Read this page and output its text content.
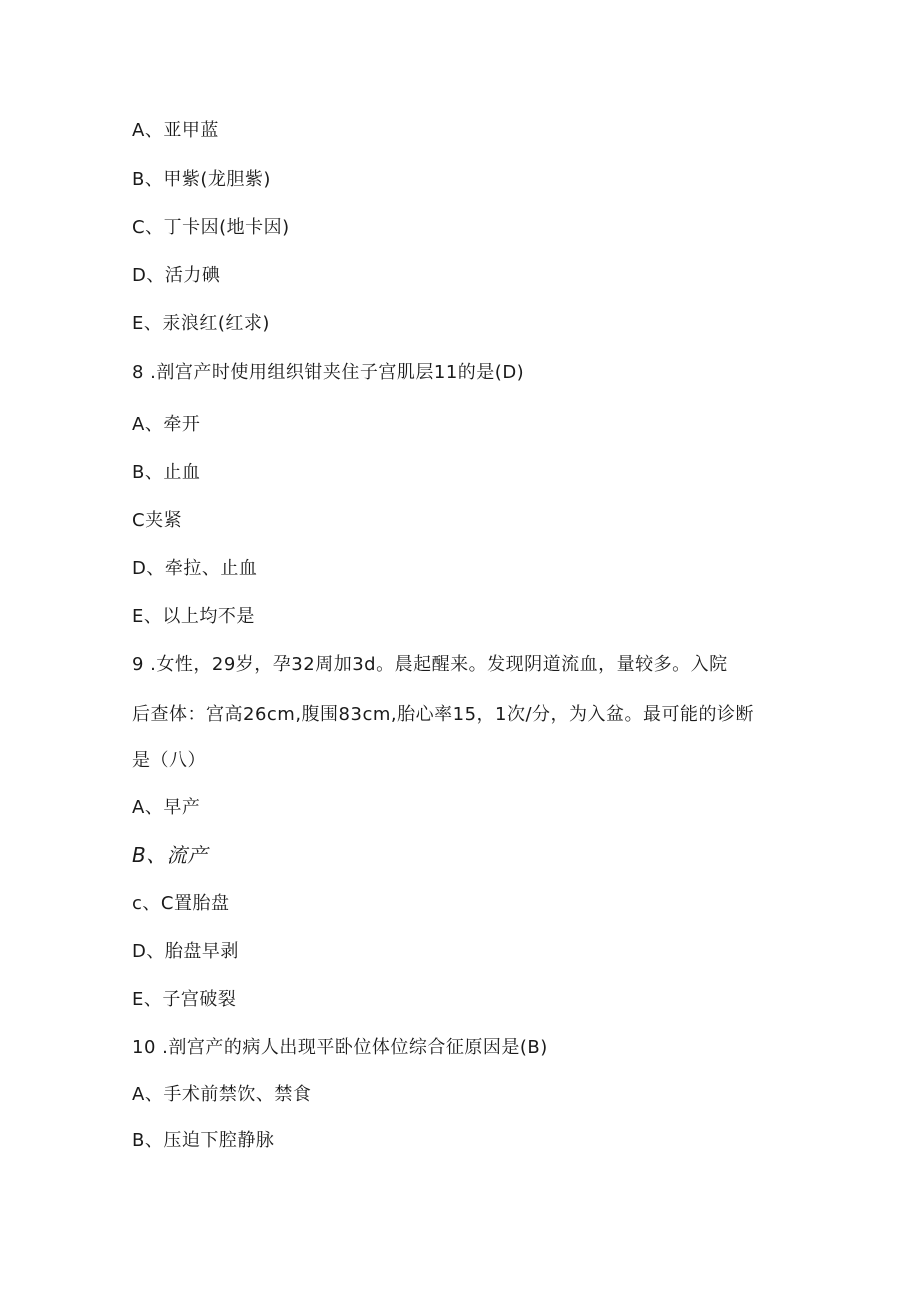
A、亚甲蓝
B、甲紫(龙胆紫)
C、丁卡因(地卡因)
D、活力碘
E、汞浪红(红求)
8 .剖宫产时使用组织钳夹住子宫肌层11的是(D)
A、牵开
B、止血
C夹紧
D、牵拉、止血
E、以上均不是
9 .女性，29岁，孕32周加3d。晨起醒来。发现阴道流血，量较多。入院
后查体：宫高26cm,腹围83cm,胎心率15，1次/分，为入盆。最可能的诊断
是（八）
A、早产
B、流产
c、C置胎盘
D、胎盘早剥
E、子宫破裂
10 .剖宫产的病人出现平卧位体位综合征原因是(B)
A、手术前禁饮、禁食
B、压迫下腔静脉
